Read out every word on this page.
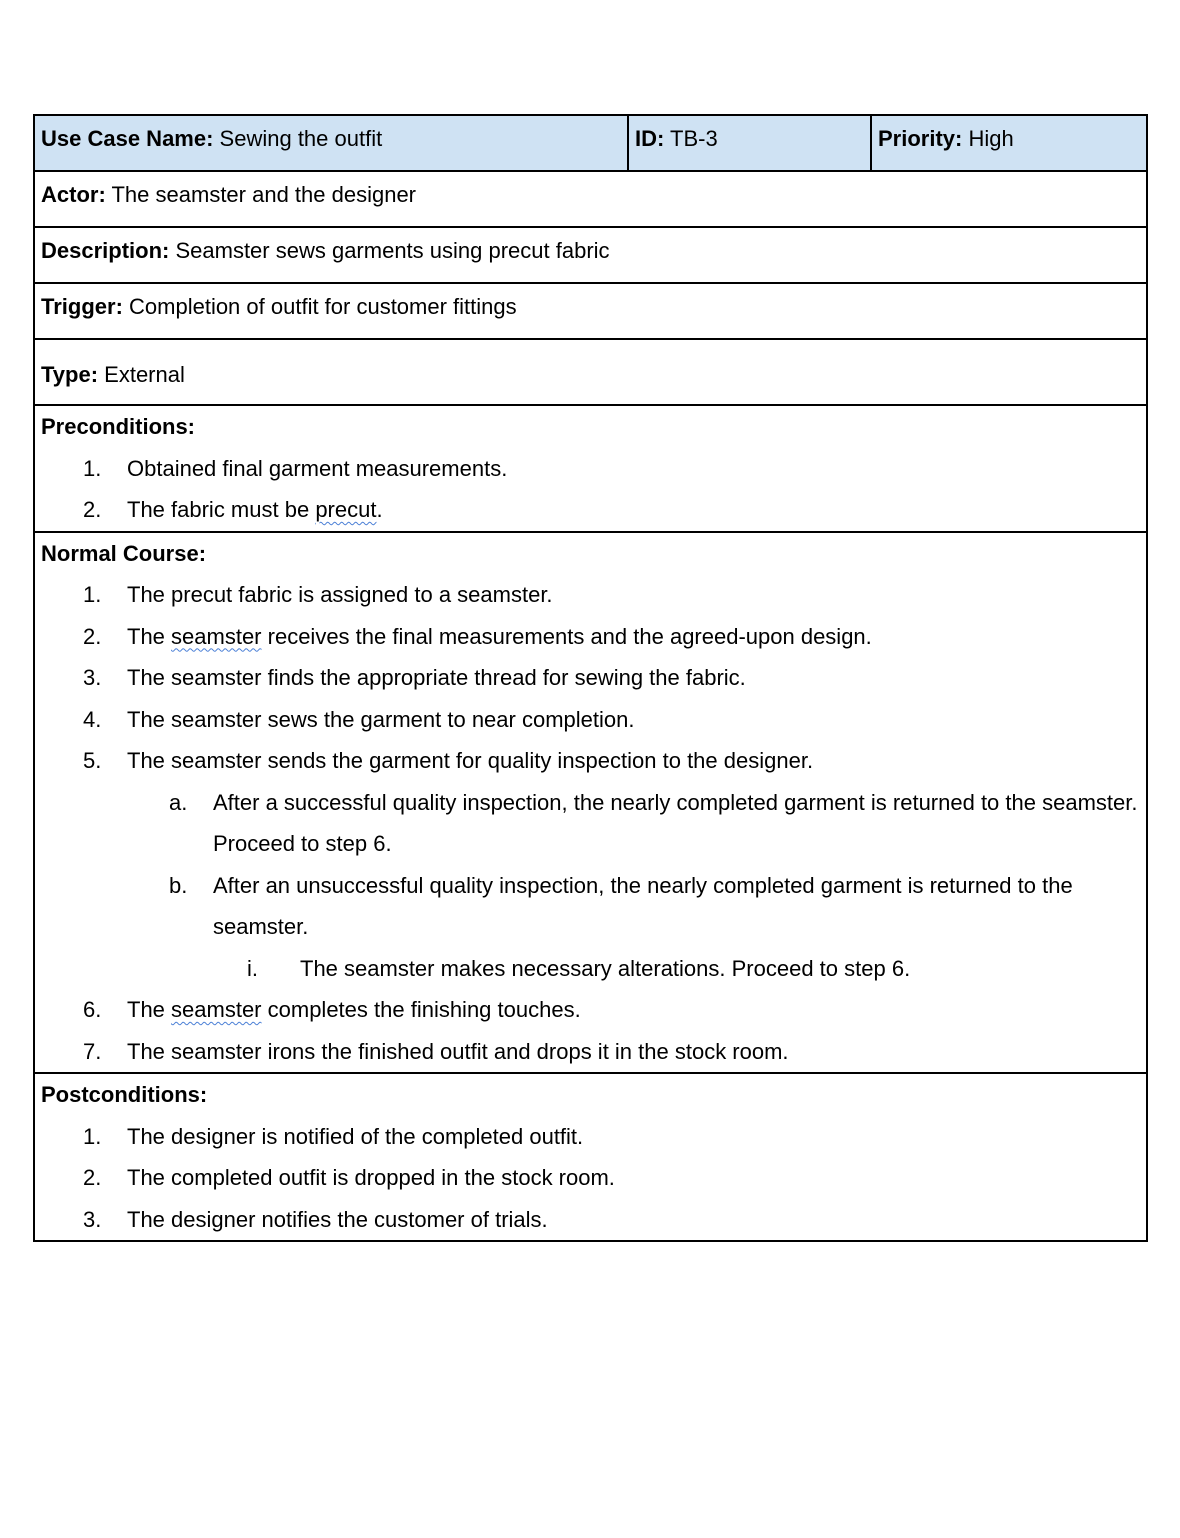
Use Case Name: Sewing the outfit	ID: TB-3	Priority: High
Actor: The seamster and the designer
Description: Seamster sews garments using precut fabric
Trigger: Completion of outfit for customer fittings
Type: External
Preconditions:
1.	Obtained final garment measurements.
2.	The fabric must be precut.

Normal Course:
1.	The precut fabric is assigned to a seamster.
2.	The seamster receives the final measurements and the agreed-upon design.
3.	The seamster finds the appropriate thread for sewing the fabric.
4.	The seamster sews the garment to near completion.
5.	The seamster sends the garment for quality inspection to the designer.
a.	After a successful quality inspection, the nearly completed garment is returned to the seamster. Proceed to step 6.
b.	After an unsuccessful quality inspection, the nearly completed garment is returned to the seamster.
i.	The seamster makes necessary alterations. Proceed to step 6.
6.	The seamster completes the finishing touches.
7.	The seamster irons the finished outfit and drops it in the stock room.

Postconditions:
1.	The designer is notified of the completed outfit.
2.	The completed outfit is dropped in the stock room.
3.	The designer notifies the customer of trials.
